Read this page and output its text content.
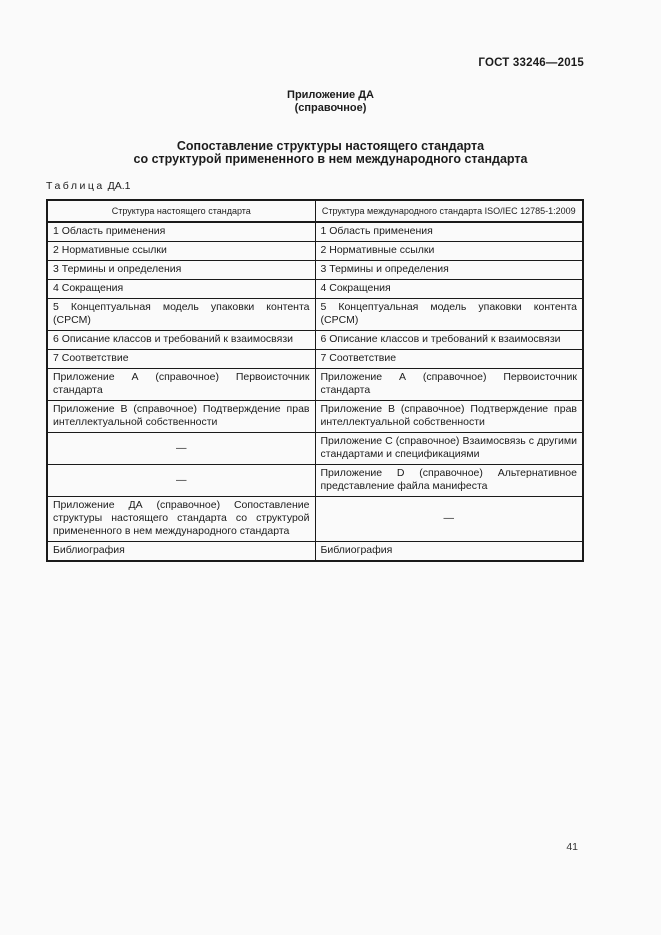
ГОСТ 33246—2015
Приложение ДА
(справочное)
Сопоставление структуры настоящего стандарта
со структурой примененного в нем международного стандарта
Таблица ДА.1
Структура настоящего стандарта	Структура международного стандарта ISO/IEC 12785-1:2009
1 Область применения	1 Область применения
2 Нормативные ссылки	2 Нормативные ссылки
3 Термины и определения	3 Термины и определения
4 Сокращения	4 Сокращения
5 Концептуальная модель упаковки контента (CPCM)	5 Концептуальная модель упаковки контента (CPCM)
6 Описание классов и требований к взаимосвязи	6 Описание классов и требований к взаимосвязи
7 Соответствие	7 Соответствие
Приложение А (справочное) Первоисточник стандарта	Приложение А (справочное) Первоисточник стандарта
Приложение В (справочное) Подтверждение прав интеллектуальной собственности	Приложение В (справочное) Подтверждение прав интеллектуальной собственности
—	Приложение С (справочное) Взаимосвязь с другими стандартами и спецификациями
—	Приложение D (справочное) Альтернативное представление файла манифеста
Приложение ДА (справочное) Сопоставление структуры настоящего стандарта со структурой примененного в нем международного стандарта	—
Библиография	Библиография
41
